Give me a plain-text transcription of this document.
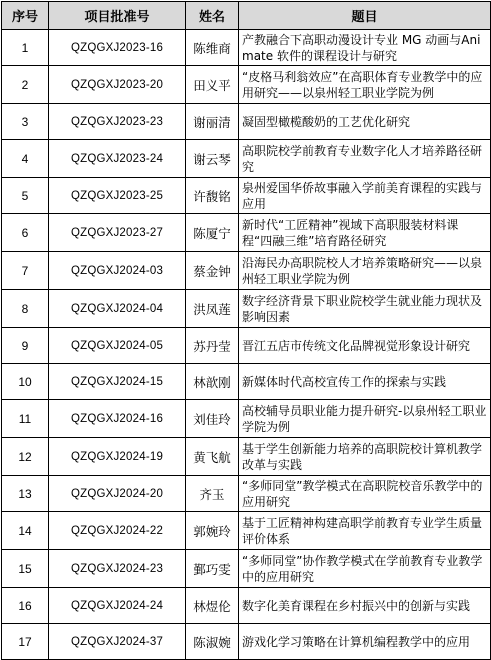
序号	项目批准号	姓名	题目
1	QZQGXJ2023-16	陈维商	产教融合下高职动漫设计专业 MG 动画与Animate 软件的课程设计与研究
2	QZQGXJ2023-20	田义平	“皮格马利翁效应”在高职体育专业教学中的应用研究——以泉州轻工职业学院为例
3	QZQGXJ2023-23	谢丽清	凝固型橄榄酸奶的工艺优化研究
4	QZQGXJ2023-24	谢云琴	高职院校学前教育专业数字化人才培养路径研究
5	QZQGXJ2023-25	许馥铭	泉州爱国华侨故事融入学前美育课程的实践与应用
6	QZQGXJ2023-27	陈厦宁	新时代“工匠精神”视域下高职服装材料课程“四融三维”培育路径研究
7	QZQGXJ2024-03	蔡金钟	沿海民办高职院校人才培养策略研究——以泉州轻工职业学院为例
8	QZQGXJ2024-04	洪凤莲	数字经济背景下职业院校学生就业能力现状及影响因素
9	QZQGXJ2024-05	苏丹莹	晋江五店市传统文化品牌视觉形象设计研究
10	QZQGXJ2024-15	林歆刚	新媒体时代高校宣传工作的探索与实践
11	QZQGXJ2024-16	刘佳玲	高校辅导员职业能力提升研究-以泉州轻工职业学院为例
12	QZQGXJ2024-19	黄飞航	基于学生创新能力培养的高职院校计算机教学改革与实践
13	QZQGXJ2024-20	齐玉	“多师同堂”教学模式在高职院校音乐教学中的应用研究
14	QZQGXJ2024-22	郭婉玲	基于工匠精神构建高职学前教育专业学生质量评价体系
15	QZQGXJ2024-23	鄞巧雯	“多师同堂”协作教学模式在学前教育专业教学中的应用研究
16	QZQGXJ2024-24	林煜伦	数字化美育课程在乡村振兴中的创新与实践
17	QZQGXJ2024-37	陈淑婉	游戏化学习策略在计算机编程教学中的应用
